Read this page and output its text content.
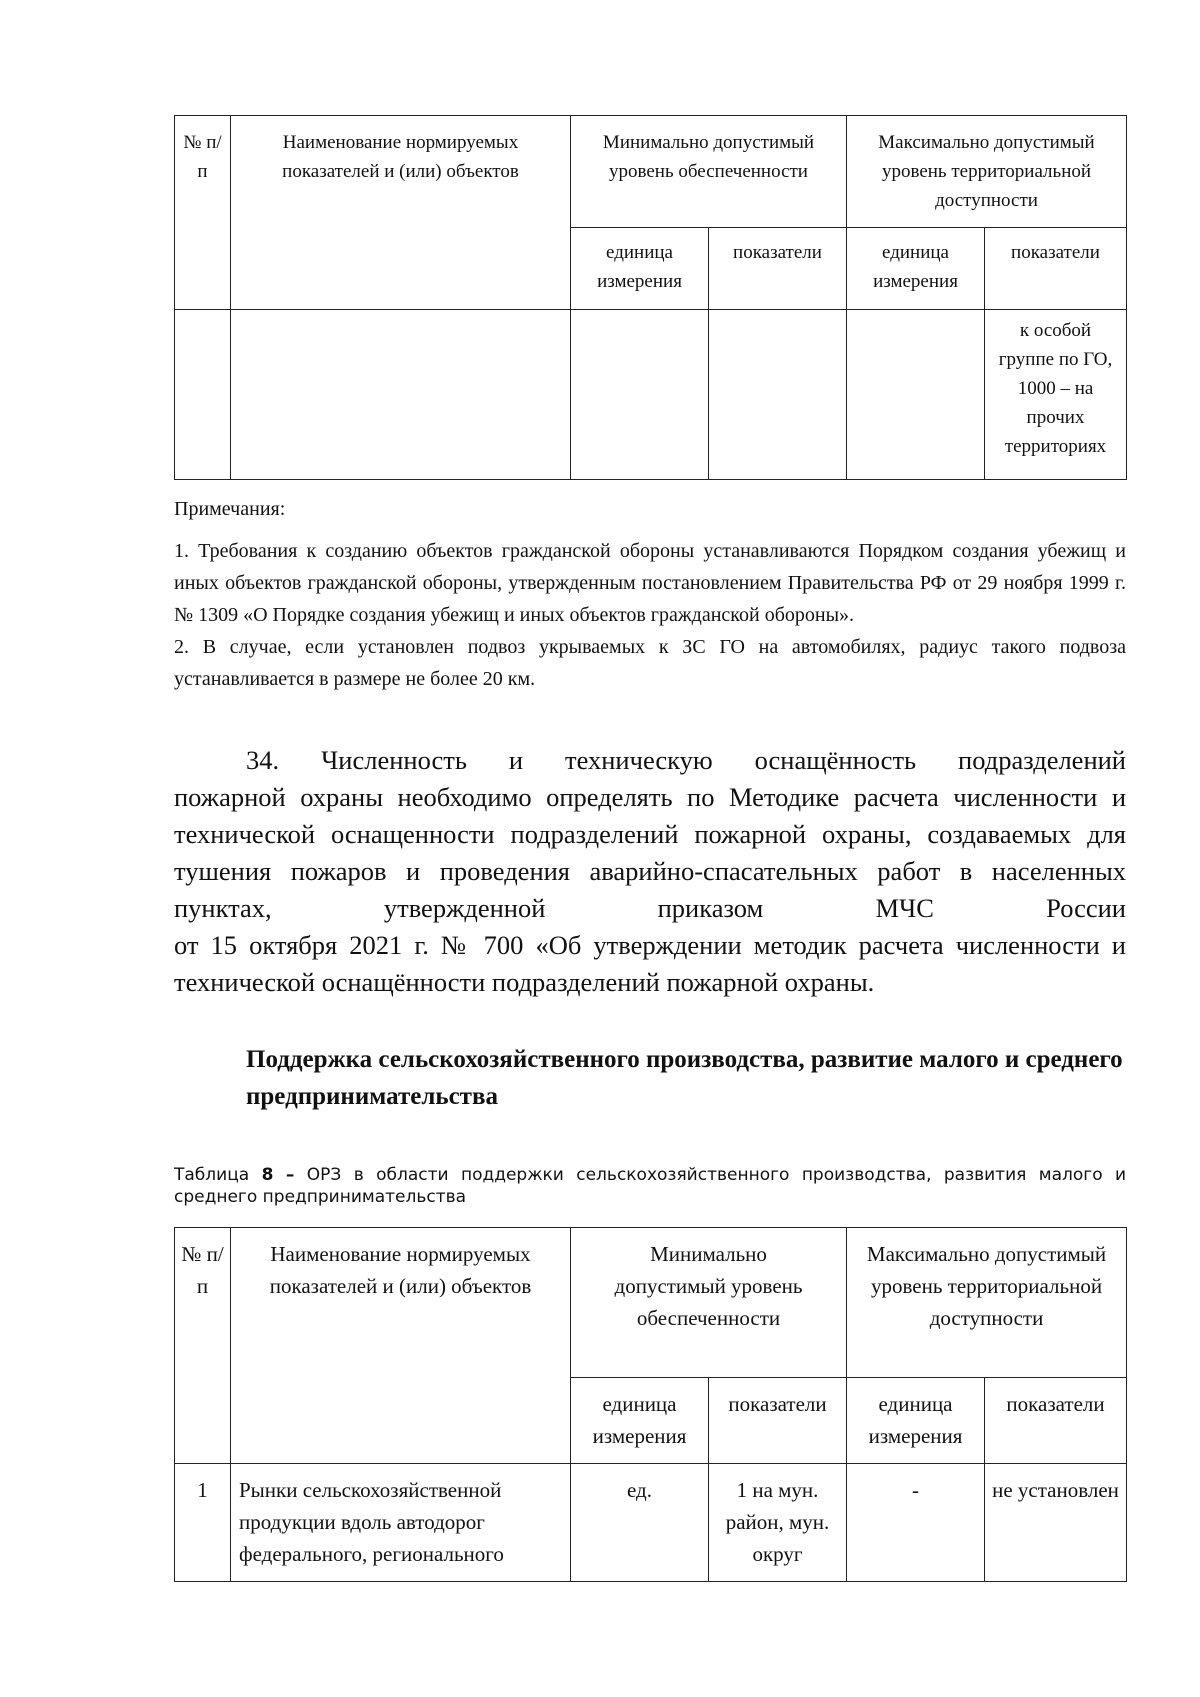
№ п/п	Наименование нормируемых показателей и (или) объектов	Минимально допустимый уровень обеспеченности		Максимально допустимый уровень территориальной доступности	
		единица измерения	показатели	единица измерения	показатели
					к особой группе по ГО, 1000 – на прочих территориях

Примечания:

1. Требования к созданию объектов гражданской обороны устанавливаются Порядком создания убежищ и иных объектов гражданской обороны, утвержденным постановлением Правительства РФ от 29 ноября 1999 г. № 1309 «О Порядке создания убежищ и иных объектов гражданской обороны».

2. В случае, если установлен подвоз укрываемых к ЗС ГО на автомобилях, радиус такого подвоза устанавливается в размере не более 20 км.

34. Численность и техническую оснащённость подразделений

пожарной охраны необходимо определять по Методике расчета численности и технической оснащенности подразделений пожарной охраны, создаваемых для тушения пожаров и проведения аварийно-спасательных работ в населенных пунктах, утвержденной приказом МЧС России

от 15 октября 2021 г. № 700 «Об утверждении методик расчета численности и технической оснащённости подразделений пожарной охраны.

Поддержка сельскохозяйственного производства, развитие малого и среднего предпринимательства
Таблица 8 – ОРЗ в области поддержки сельскохозяйственного производства, развития малого и среднего предпринимательства
№ п/п	Наименование нормируемых показателей и (или) объектов	Минимально допустимый уровень обеспеченности		Максимально допустимый уровень территориальной доступности	
		единица измерения	показатели	единица измерения	показатели
1	Рынки сельскохозяйственной продукции вдоль автодорог федерального, регионального	ед.	1 на мун. район, мун. округ	-	не установлен
